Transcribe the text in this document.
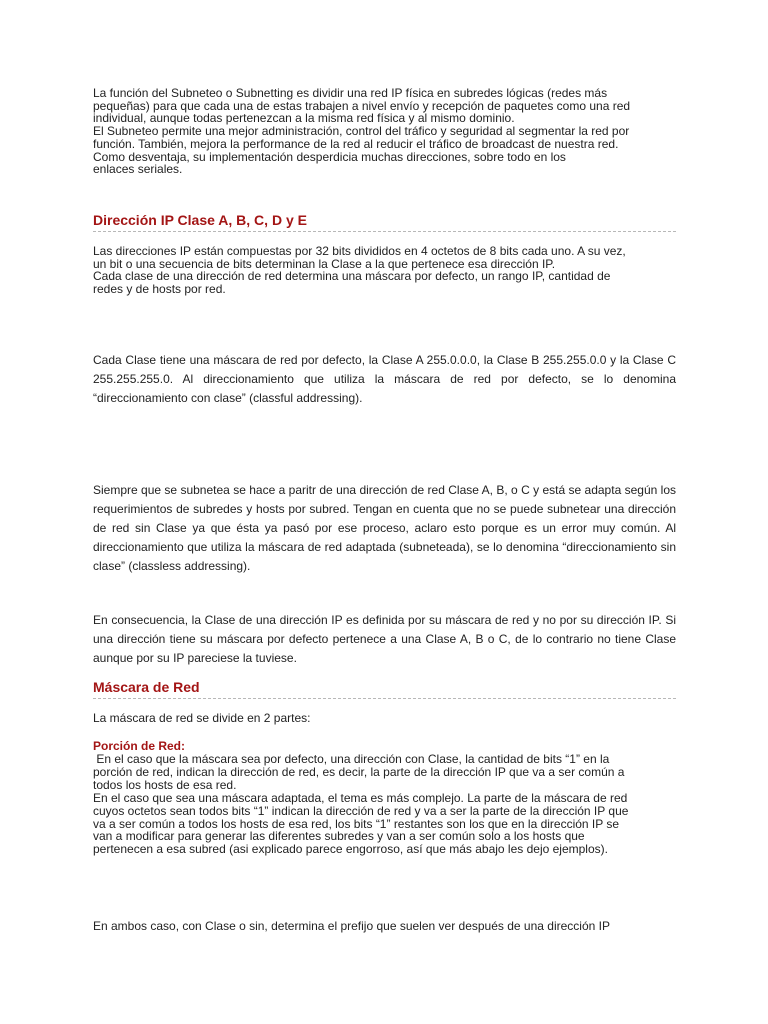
La función del Subneteo o Subnetting es dividir una red IP física en subredes lógicas (redes más
pequeñas) para que cada una de estas trabajen a nivel envío y recepción de paquetes como una red
individual, aunque todas pertenezcan a la misma red física y al mismo dominio.
El Subneteo permite una mejor administración, control del tráfico y seguridad al segmentar la red por
función. También, mejora la performance de la red al reducir el tráfico de broadcast de nuestra red.
Como desventaja, su implementación desperdicia muchas direcciones, sobre todo en los
enlaces seriales.

Dirección IP Clase A, B, C, D y E

Las direcciones IP están compuestas por 32 bits divididos en 4 octetos de 8 bits cada uno. A su vez,
un bit o una secuencia de bits determinan la Clase a la que pertenece esa dirección IP.
Cada clase de una dirección de red determina una máscara por defecto, un rango IP, cantidad de
redes y de hosts por red.

Cada Clase tiene una máscara de red por defecto, la Clase A 255.0.0.0, la Clase B 255.255.0.0 y la Clase C 255.255.255.0. Al direccionamiento que utiliza la máscara de red por defecto, se lo denomina “direccionamiento con clase” (classful addressing).

Siempre que se subnetea se hace a paritr de una dirección de red Clase A, B, o C y está se adapta según los requerimientos de subredes y hosts por subred. Tengan en cuenta que no se puede subnetear una dirección de red sin Clase ya que ésta ya pasó por ese proceso, aclaro esto porque es un error muy común. Al direccionamiento que utiliza la máscara de red adaptada (subneteada), se lo denomina “direccionamiento sin clase” (classless addressing).

En consecuencia, la Clase de una dirección IP es definida por su máscara de red y no por su dirección IP. Si una dirección tiene su máscara por defecto pertenece a una Clase A, B o C, de lo contrario no tiene Clase aunque por su IP pareciese la tuviese.

Máscara de Red

La máscara de red se divide en 2 partes:

Porción de Red:

En el caso que la máscara sea por defecto, una dirección con Clase, la cantidad de bits “1” en la
porción de red, indican la dirección de red, es decir, la parte de la dirección IP que va a ser común a
todos los hosts de esa red.
En el caso que sea una máscara adaptada, el tema es más complejo. La parte de la máscara de red
cuyos octetos sean todos bits “1” indican la dirección de red y va a ser la parte de la dirección IP que
va a ser común a todos los hosts de esa red, los bits “1” restantes son los que en la dirección IP se
van a modificar para generar las diferentes subredes y van a ser común solo a los hosts que
pertenecen a esa subred (asi explicado parece engorroso, así que más abajo les dejo ejemplos).

En ambos caso, con Clase o sin, determina el prefijo que suelen ver después de una dirección IP
